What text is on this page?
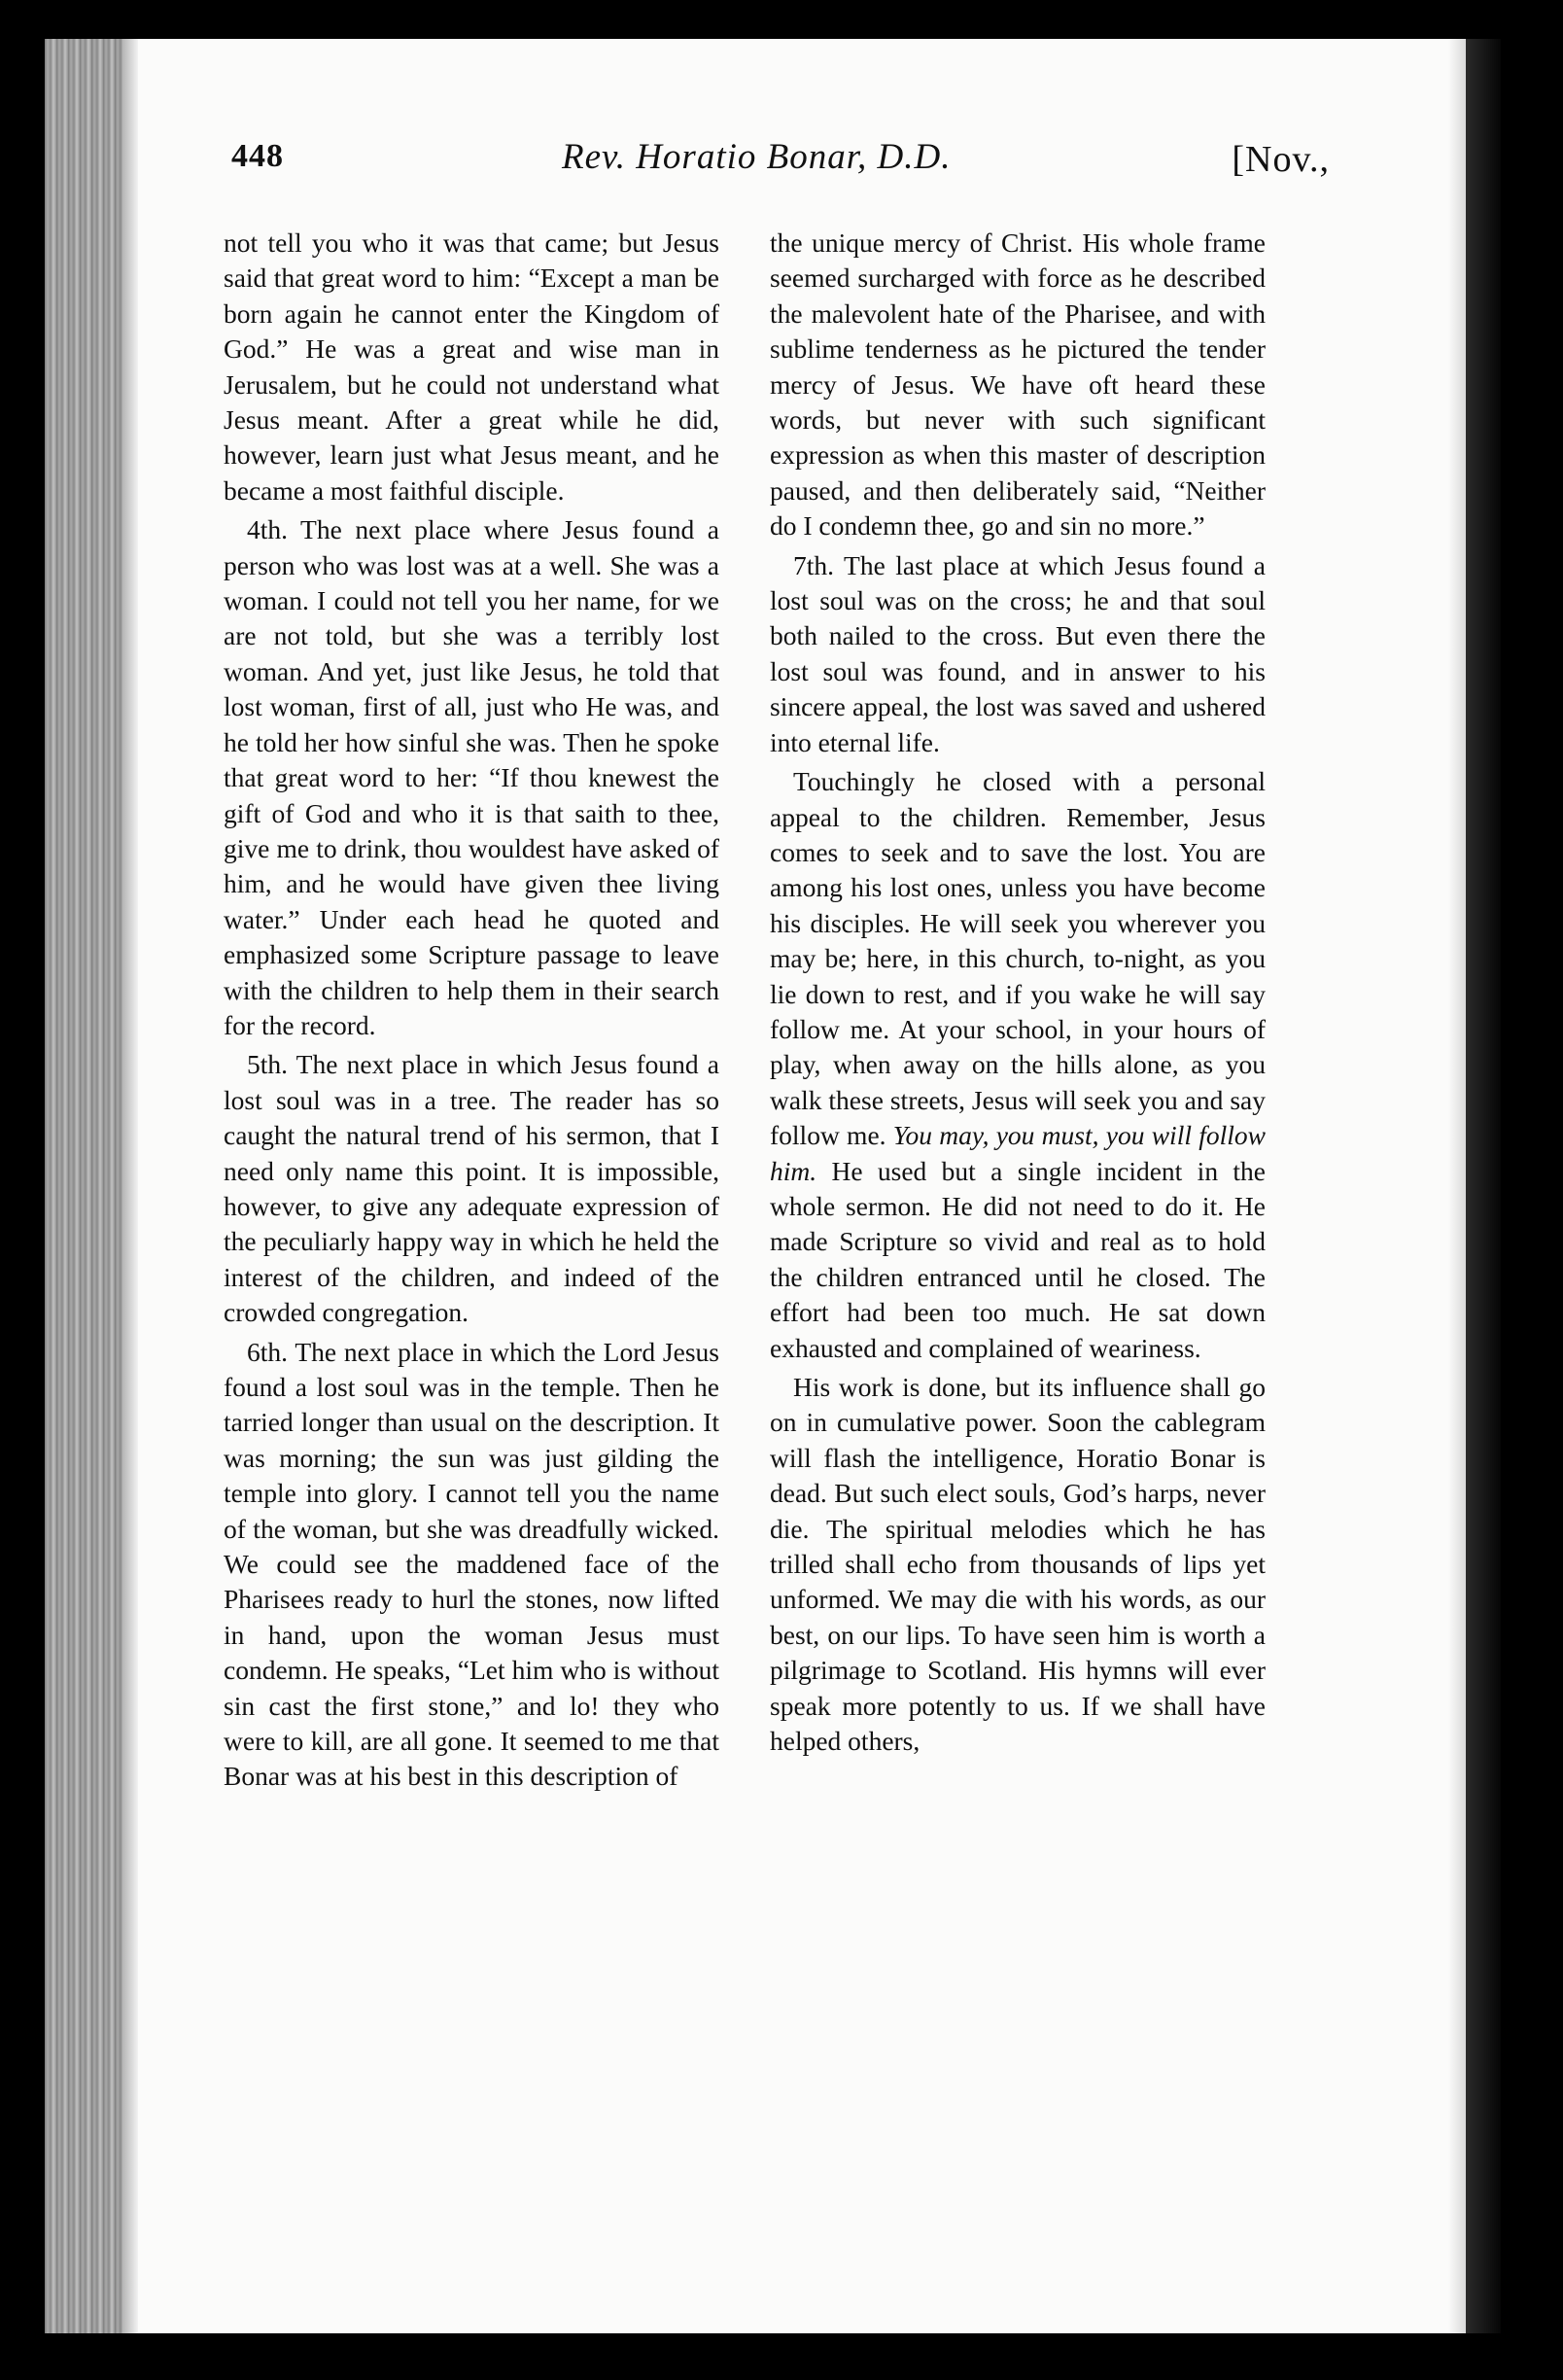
448	Rev. Horatio Bonar, D.D.	[Nov.,

not tell you who it was that came; but Jesus said that great word to him: “Except a man be born again he cannot enter the Kingdom of God.” He was a great and wise man in Jerusalem, but he could not understand what Jesus meant. After a great while he did, however, learn just what Jesus meant, and he became a most faithful disciple.

4th. The next place where Jesus found a person who was lost was at a well. She was a woman. I could not tell you her name, for we are not told, but she was a terribly lost woman. And yet, just like Jesus, he told that lost woman, first of all, just who He was, and he told her how sinful she was. Then he spoke that great word to her: “If thou knewest the gift of God and who it is that saith to thee, give me to drink, thou wouldest have asked of him, and he would have given thee living water.” Under each head he quoted and emphasized some Scripture passage to leave with the children to help them in their search for the record.

5th. The next place in which Jesus found a lost soul was in a tree. The reader has so caught the natural trend of his sermon, that I need only name this point. It is impossible, however, to give any adequate expression of the peculiarly happy way in which he held the interest of the children, and indeed of the crowded congregation.

6th. The next place in which the Lord Jesus found a lost soul was in the temple. Then he tarried longer than usual on the description. It was morning; the sun was just gilding the temple into glory. I cannot tell you the name of the woman, but she was dreadfully wicked. We could see the maddened face of the Pharisees ready to hurl the stones, now lifted in hand, upon the woman Jesus must condemn. He speaks, “Let him who is without sin cast the first stone,” and lo! they who were to kill, are all gone. It seemed to me that Bonar was at his best in this description of

the unique mercy of Christ. His whole frame seemed surcharged with force as he described the malevolent hate of the Pharisee, and with sublime tenderness as he pictured the tender mercy of Jesus. We have oft heard these words, but never with such significant expression as when this master of description paused, and then deliberately said, “Neither do I condemn thee, go and sin no more.”

7th. The last place at which Jesus found a lost soul was on the cross; he and that soul both nailed to the cross. But even there the lost soul was found, and in answer to his sincere appeal, the lost was saved and ushered into eternal life.

Touchingly he closed with a personal appeal to the children. Remember, Jesus comes to seek and to save the lost. You are among his lost ones, unless you have become his disciples. He will seek you wherever you may be; here, in this church, to-night, as you lie down to rest, and if you wake he will say follow me. At your school, in your hours of play, when away on the hills alone, as you walk these streets, Jesus will seek you and say follow me. You may, you must, you will follow him. He used but a single incident in the whole sermon. He did not need to do it. He made Scripture so vivid and real as to hold the children entranced until he closed. The effort had been too much. He sat down exhausted and complained of weariness.

His work is done, but its influence shall go on in cumulative power. Soon the cablegram will flash the intelligence, Horatio Bonar is dead. But such elect souls, God’s harps, never die. The spiritual melodies which he has trilled shall echo from thousands of lips yet unformed. We may die with his words, as our best, on our lips. To have seen him is worth a pilgrimage to Scotland. His hymns will ever speak more potently to us. If we shall have helped others,
